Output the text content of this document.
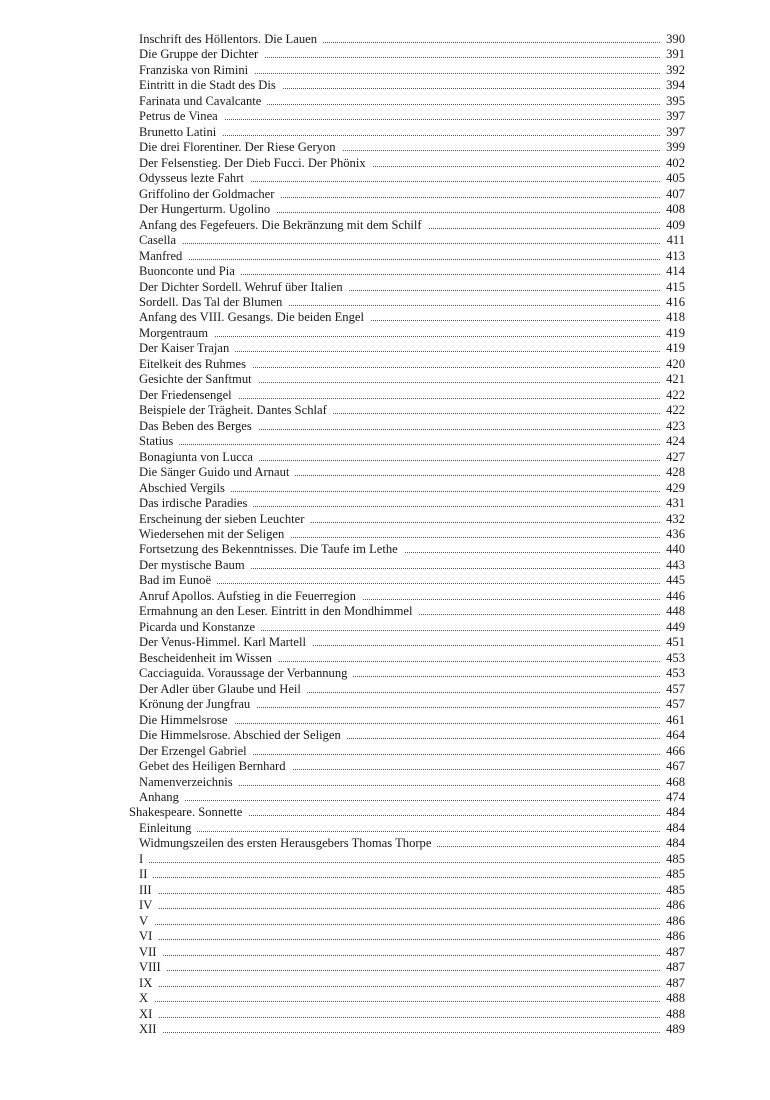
Inschrift des Höllentors. Die Lauen	390
Die Gruppe der Dichter	391
Franziska von Rimini	392
Eintritt in die Stadt des Dis	394
Farinata und Cavalcante	395
Petrus de Vinea	397
Brunetto Latini	397
Die drei Florentiner. Der Riese Geryon	399
Der Felsenstieg. Der Dieb Fucci. Der Phönix	402
Odysseus lezte Fahrt	405
Griffolino der Goldmacher	407
Der Hungerturm. Ugolino	408
Anfang des Fegefeuers. Die Bekränzung mit dem Schilf	409
Casella	411
Manfred	413
Buonconte und Pia	414
Der Dichter Sordell. Wehruf über Italien	415
Sordell. Das Tal der Blumen	416
Anfang des VIII. Gesangs. Die beiden Engel	418
Morgentraum	419
Der Kaiser Trajan	419
Eitelkeit des Ruhmes	420
Gesichte der Sanftmut	421
Der Friedensengel	422
Beispiele der Trägheit. Dantes Schlaf	422
Das Beben des Berges	423
Statius	424
Bonagiunta von Lucca	427
Die Sänger Guido und Arnaut	428
Abschied Vergils	429
Das irdische Paradies	431
Erscheinung der sieben Leuchter	432
Wiedersehen mit der Seligen	436
Fortsetzung des Bekenntnisses. Die Taufe im Lethe	440
Der mystische Baum	443
Bad im Eunoë	445
Anruf Apollos. Aufstieg in die Feuerregion	446
Ermahnung an den Leser. Eintritt in den Mondhimmel	448
Picarda und Konstanze	449
Der Venus-Himmel. Karl Martell	451
Bescheidenheit im Wissen	453
Cacciaguida. Voraussage der Verbannung	453
Der Adler über Glaube und Heil	457
Krönung der Jungfrau	457
Die Himmelsrose	461
Die Himmelsrose. Abschied der Seligen	464
Der Erzengel Gabriel	466
Gebet des Heiligen Bernhard	467
Namenverzeichnis	468
Anhang	474
Shakespeare. Sonnette	484
Einleitung	484
Widmungszeilen des ersten Herausgebers Thomas Thorpe	484
I	485
II	485
III	485
IV	486
V	486
VI	486
VII	487
VIII	487
IX	487
X	488
XI	488
XII	489
